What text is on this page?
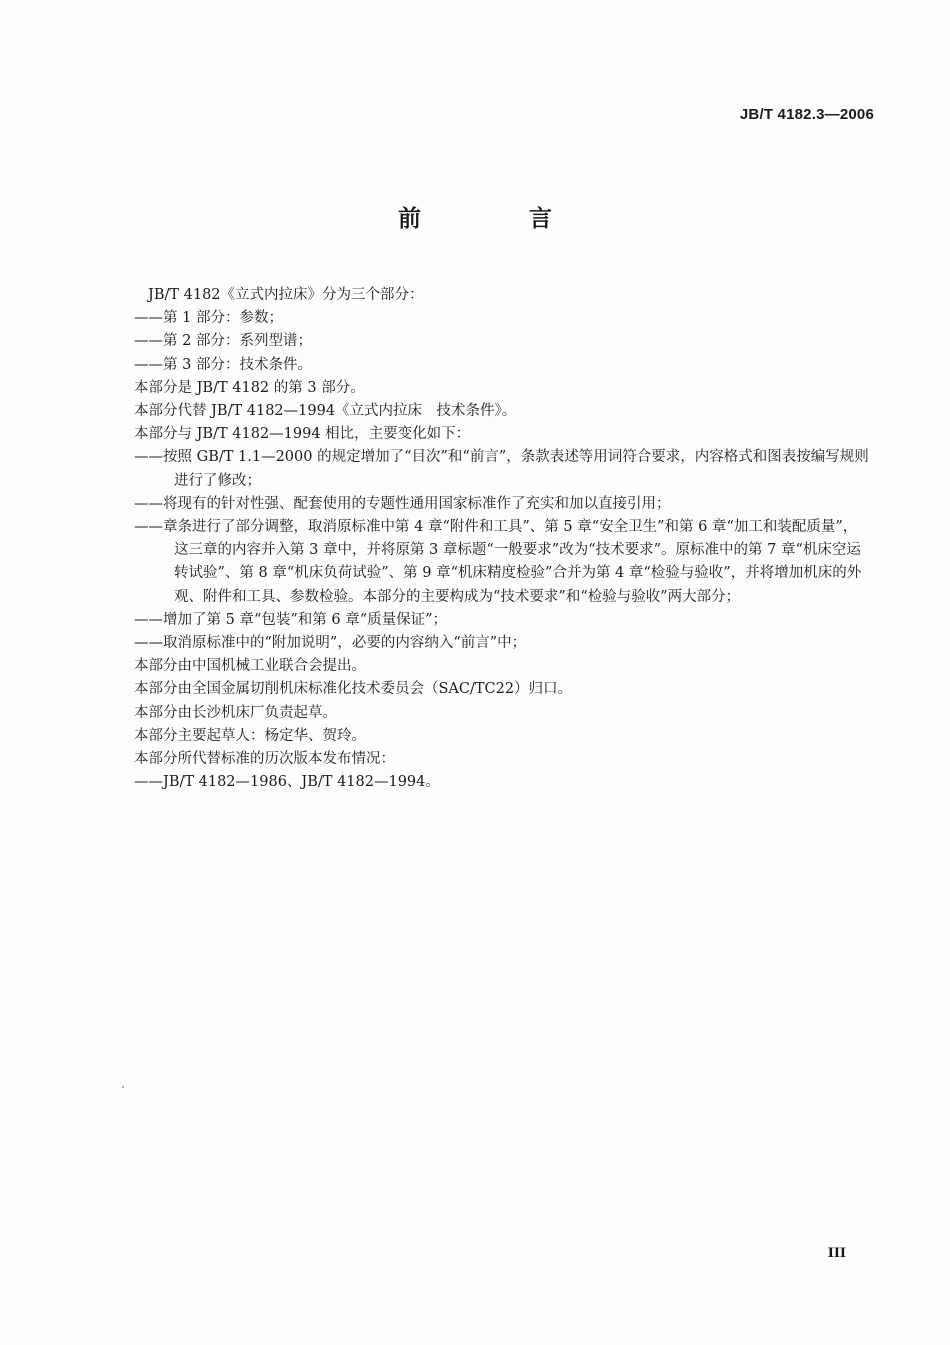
JB/T 4182.3—2006
前 言

JB/T 4182《立式内拉床》分为三个部分：

——第 1 部分：参数；

——第 2 部分：系列型谱；

——第 3 部分：技术条件。

本部分是 JB/T 4182 的第 3 部分。

本部分代替 JB/T 4182—1994《立式内拉床　技术条件》。

本部分与 JB/T 4182—1994 相比，主要变化如下：

——按照 GB/T 1.1—2000 的规定增加了“目次”和“前言”，条款表述等用词符合要求，内容格式和图表按编写规则进行了修改；

——将现有的针对性强、配套使用的专题性通用国家标准作了充实和加以直接引用；

——章条进行了部分调整，取消原标准中第 4 章“附件和工具”、第 5 章“安全卫生”和第 6 章“加工和装配质量”，这三章的内容并入第 3 章中，并将原第 3 章标题“一般要求”改为“技术要求”。原标准中的第 7 章“机床空运转试验”、第 8 章“机床负荷试验”、第 9 章“机床精度检验”合并为第 4 章“检验与验收”，并将增加机床的外观、附件和工具、参数检验。本部分的主要构成为“技术要求”和“检验与验收”两大部分；

——增加了第 5 章“包装”和第 6 章“质量保证”；

——取消原标准中的“附加说明”，必要的内容纳入“前言”中；

本部分由中国机械工业联合会提出。

本部分由全国金属切削机床标准化技术委员会（SAC/TC22）归口。

本部分由长沙机床厂负责起草。

本部分主要起草人：杨定华、贺玲。

本部分所代替标准的历次版本发布情况：

——JB/T 4182—1986、JB/T 4182—1994。

III
